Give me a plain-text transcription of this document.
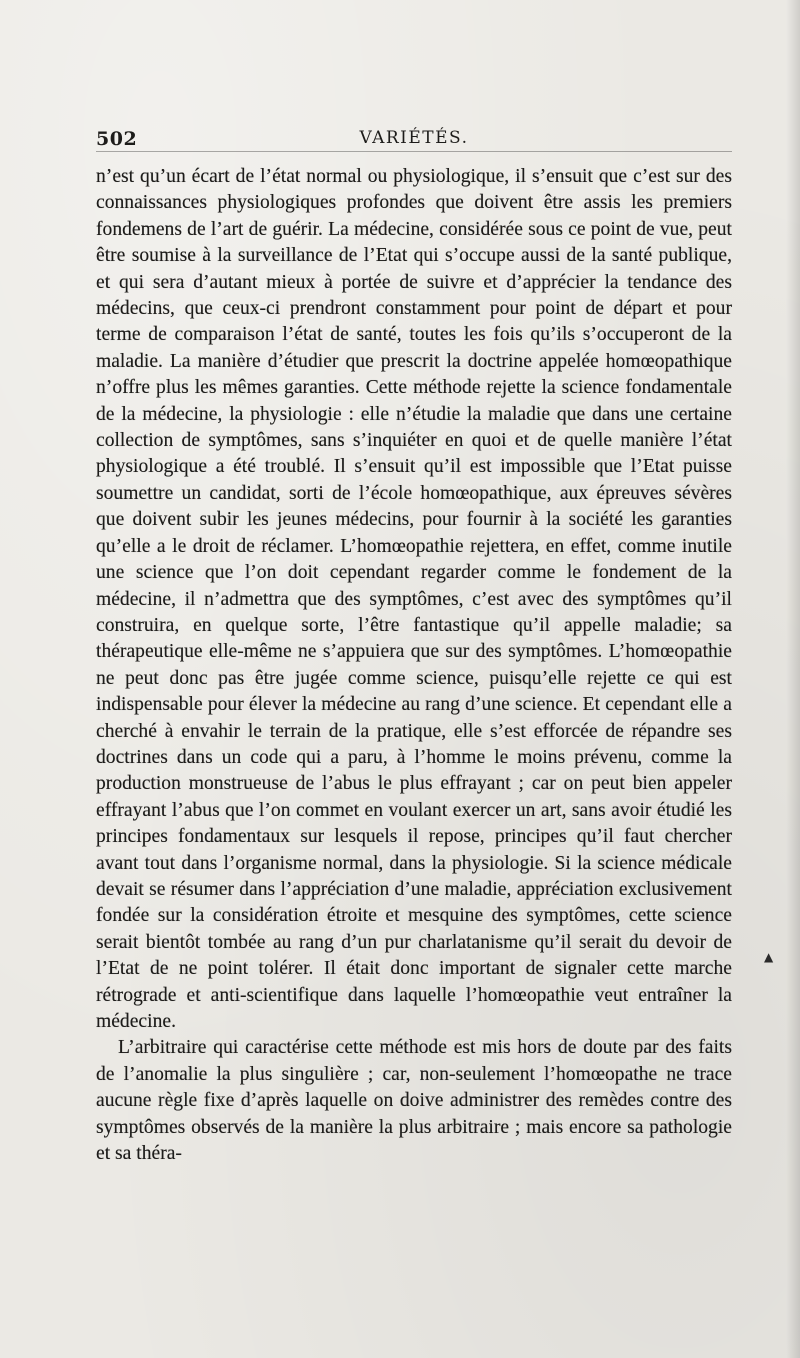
502	VARIÉTÉS.

n’est qu’un écart de l’état normal ou physiologique, il s’ensuit que c’est sur des connaissances physiologiques profondes que doivent être assis les premiers fondemens de l’art de guérir. La médecine, considérée sous ce point de vue, peut être soumise à la surveillance de l’Etat qui s’occupe aussi de la santé publique, et qui sera d’autant mieux à portée de suivre et d’apprécier la tendance des médecins, que ceux-ci prendront constamment pour point de départ et pour terme de comparaison l’état de santé, toutes les fois qu’ils s’occuperont de la maladie. La manière d’étudier que prescrit la doctrine appelée homœopathique n’offre plus les mêmes garanties. Cette méthode rejette la science fondamentale de la médecine, la physiologie : elle n’étudie la maladie que dans une certaine collection de symptômes, sans s’inquiéter en quoi et de quelle manière l’état physiologique a été troublé. Il s’ensuit qu’il est impossible que l’Etat puisse soumettre un candidat, sorti de l’école homœopathique, aux épreuves sévères que doivent subir les jeunes médecins, pour fournir à la société les garanties qu’elle a le droit de réclamer. L’homœopathie rejettera, en effet, comme inutile une science que l’on doit cependant regarder comme le fondement de la médecine, il n’admettra que des symptômes, c’est avec des symptômes qu’il construira, en quelque sorte, l’être fantastique qu’il appelle maladie; sa thérapeutique elle-même ne s’appuiera que sur des symptômes. L’homœopathie ne peut donc pas être jugée comme science, puisqu’elle rejette ce qui est indispensable pour élever la médecine au rang d’une science. Et cependant elle a cherché à envahir le terrain de la pratique, elle s’est efforcée de répandre ses doctrines dans un code qui a paru, à l’homme le moins prévenu, comme la production monstrueuse de l’abus le plus effrayant ; car on peut bien appeler effrayant l’abus que l’on commet en voulant exercer un art, sans avoir étudié les principes fondamentaux sur lesquels il repose, principes qu’il faut chercher avant tout dans l’organisme normal, dans la physiologie. Si la science médicale devait se résumer dans l’appréciation d’une maladie, appréciation exclusivement fondée sur la considération étroite et mesquine des symptômes, cette science serait bientôt tombée au rang d’un pur charlatanisme qu’il serait du devoir de l’Etat de ne point tolérer. Il était donc important de signaler cette marche rétrograde et anti-scientifique dans laquelle l’homœopathie veut entraîner la médecine.

L’arbitraire qui caractérise cette méthode est mis hors de doute par des faits de l’anomalie la plus singulière ; car, non-seulement l’homœopathe ne trace aucune règle fixe d’après laquelle on doive administrer des remèdes contre des symptômes observés de la manière la plus arbitraire ; mais encore sa pathologie et sa théra-

▲
